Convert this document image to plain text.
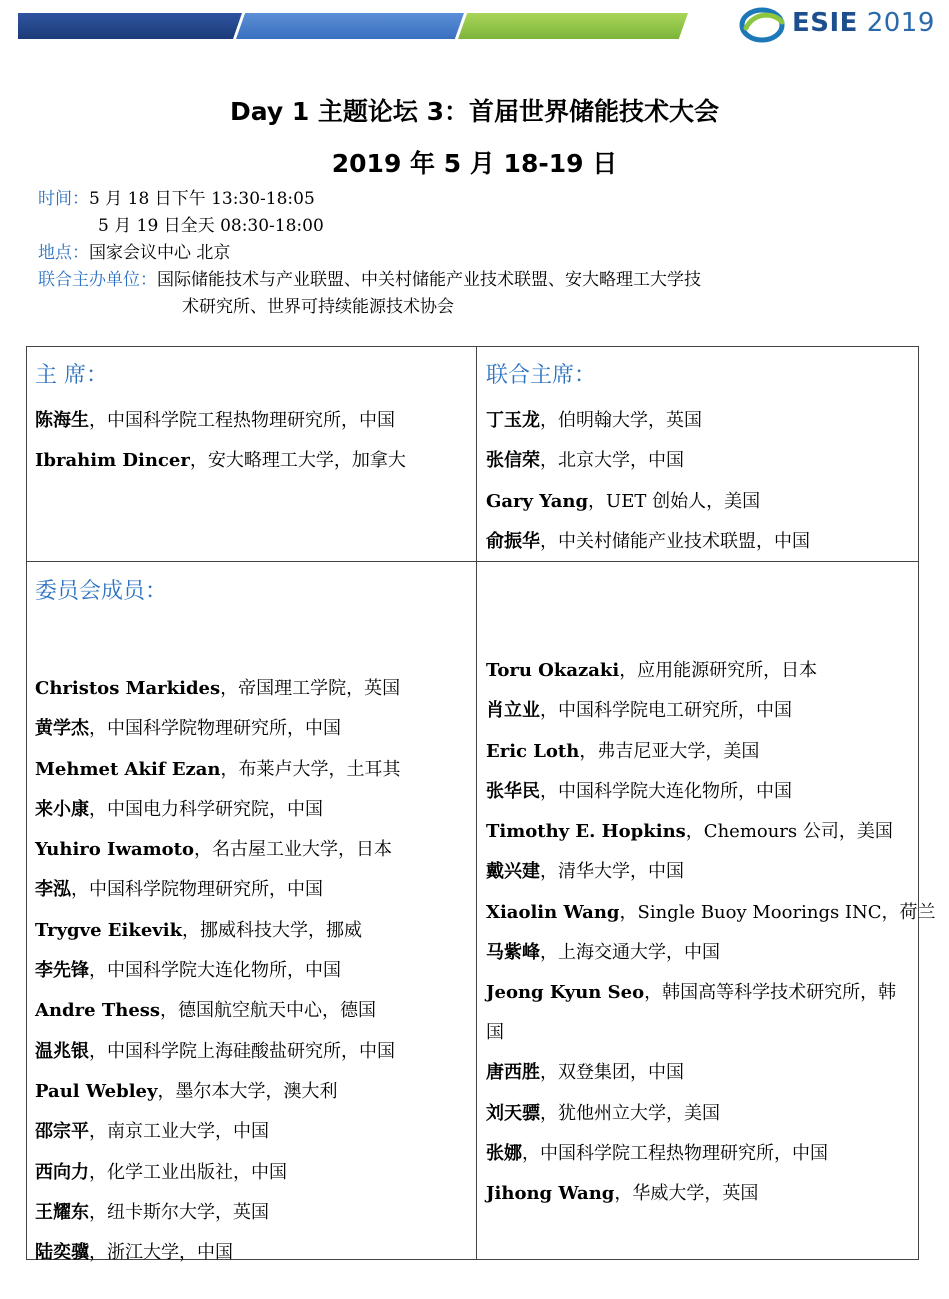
ESIE 2019
Day 1 主题论坛 3：首届世界储能技术大会
2019 年 5 月 18-19 日
时间：5 月 18 日下午 13:30-18:05
5 月 19 日全天 08:30-18:00
地点：国家会议中心 北京
联合主办单位：国际储能技术与产业联盟、中关村储能产业技术联盟、安大略理工大学技
术研究所、世界可持续能源技术协会
主 席：
陈海生，中国科学院工程热物理研究所，中国
Ibrahim Dincer，安大略理工大学，加拿大
联合主席：
丁玉龙，伯明翰大学，英国
张信荣，北京大学，中国
Gary Yang，UET 创始人，美国
俞振华，中关村储能产业技术联盟，中国
委员会成员：
Christos Markides，帝国理工学院，英国
黄学杰，中国科学院物理研究所，中国
Mehmet Akif Ezan，布莱卢大学，土耳其
来小康，中国电力科学研究院，中国
Yuhiro Iwamoto，名古屋工业大学，日本
李泓，中国科学院物理研究所，中国
Trygve Eikevik，挪威科技大学，挪威
李先锋，中国科学院大连化物所，中国
Andre Thess，德国航空航天中心，德国
温兆银，中国科学院上海硅酸盐研究所，中国
Paul Webley，墨尔本大学，澳大利
邵宗平，南京工业大学，中国
西向力，化学工业出版社，中国
王耀东，纽卡斯尔大学，英国
陆奕骥，浙江大学，中国
Toru Okazaki，应用能源研究所，日本
肖立业，中国科学院电工研究所，中国
Eric Loth，弗吉尼亚大学，美国
张华民，中国科学院大连化物所，中国
Timothy E. Hopkins，Chemours 公司，美国
戴兴建，清华大学，中国
Xiaolin Wang，Single Buoy Moorings INC，荷兰
马紫峰，上海交通大学，中国
Jeong Kyun Seo，韩国高等科学技术研究所，韩国
唐西胜，双登集团，中国
刘天骠，犹他州立大学，美国
张娜，中国科学院工程热物理研究所，中国
Jihong Wang，华威大学，英国
